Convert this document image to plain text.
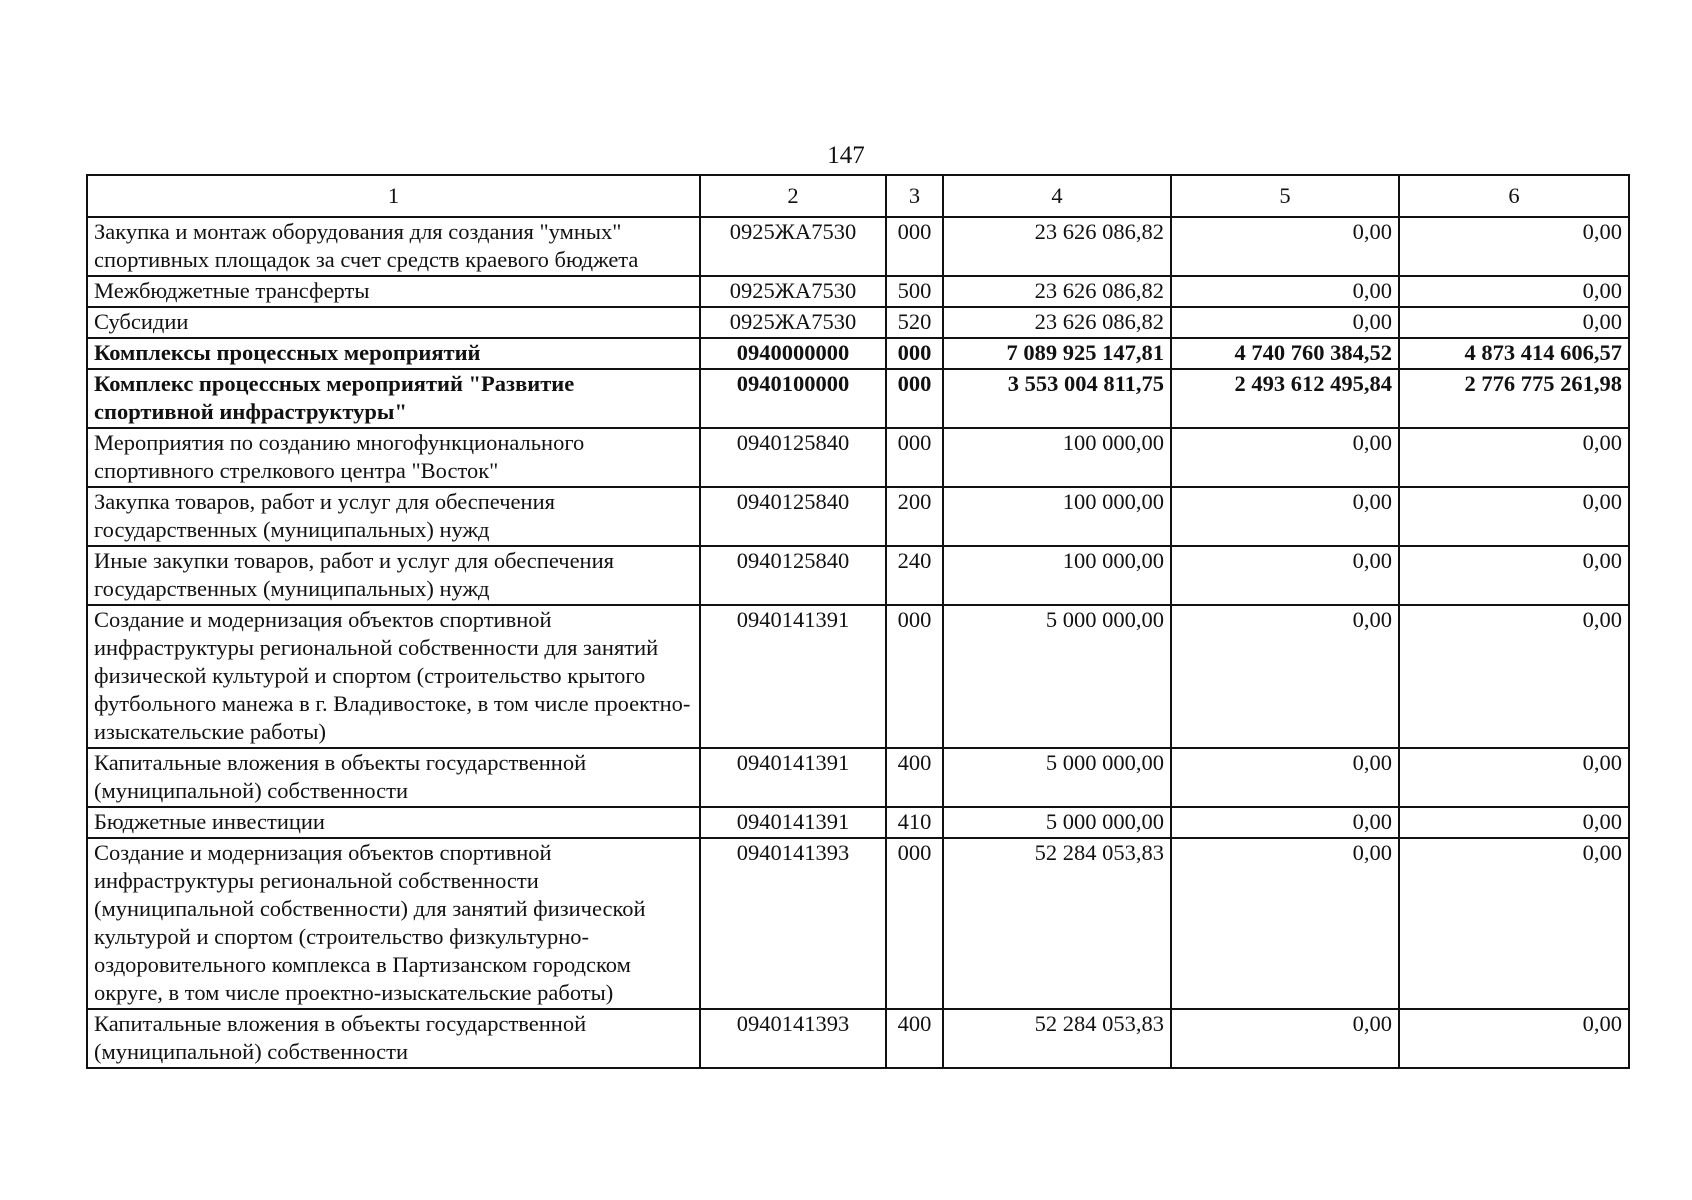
147
1	2	3	4	5	6
Закупка и монтаж оборудования для создания "умных" спортивных площадок за счет средств краевого бюджета	0925ЖА7530	000	23 626 086,82	0,00	0,00
Межбюджетные трансферты	0925ЖА7530	500	23 626 086,82	0,00	0,00
Субсидии	0925ЖА7530	520	23 626 086,82	0,00	0,00
Комплексы процессных мероприятий	0940000000	000	7 089 925 147,81	4 740 760 384,52	4 873 414 606,57
Комплекс процессных мероприятий "Развитие спортивной инфраструктуры"	0940100000	000	3 553 004 811,75	2 493 612 495,84	2 776 775 261,98
Мероприятия по созданию многофункционального спортивного стрелкового центра "Восток"	0940125840	000	100 000,00	0,00	0,00
Закупка товаров, работ и услуг для обеспечения государственных (муниципальных) нужд	0940125840	200	100 000,00	0,00	0,00
Иные закупки товаров, работ и услуг для обеспечения государственных (муниципальных) нужд	0940125840	240	100 000,00	0,00	0,00
Создание и модернизация объектов спортивной инфраструктуры региональной собственности для занятий физической культурой и спортом (строительство крытого футбольного манежа в г. Владивостоке, в том числе проектно-изыскательские работы)	0940141391	000	5 000 000,00	0,00	0,00
Капитальные вложения в объекты государственной (муниципальной) собственности	0940141391	400	5 000 000,00	0,00	0,00
Бюджетные инвестиции	0940141391	410	5 000 000,00	0,00	0,00
Создание и модернизация объектов спортивной инфраструктуры региональной собственности (муниципальной собственности) для занятий физической культурой и спортом (строительство физкультурно-оздоровительного комплекса в Партизанском городском округе, в том числе проектно-изыскательские работы)	0940141393	000	52 284 053,83	0,00	0,00
Капитальные вложения в объекты государственной (муниципальной) собственности	0940141393	400	52 284 053,83	0,00	0,00
